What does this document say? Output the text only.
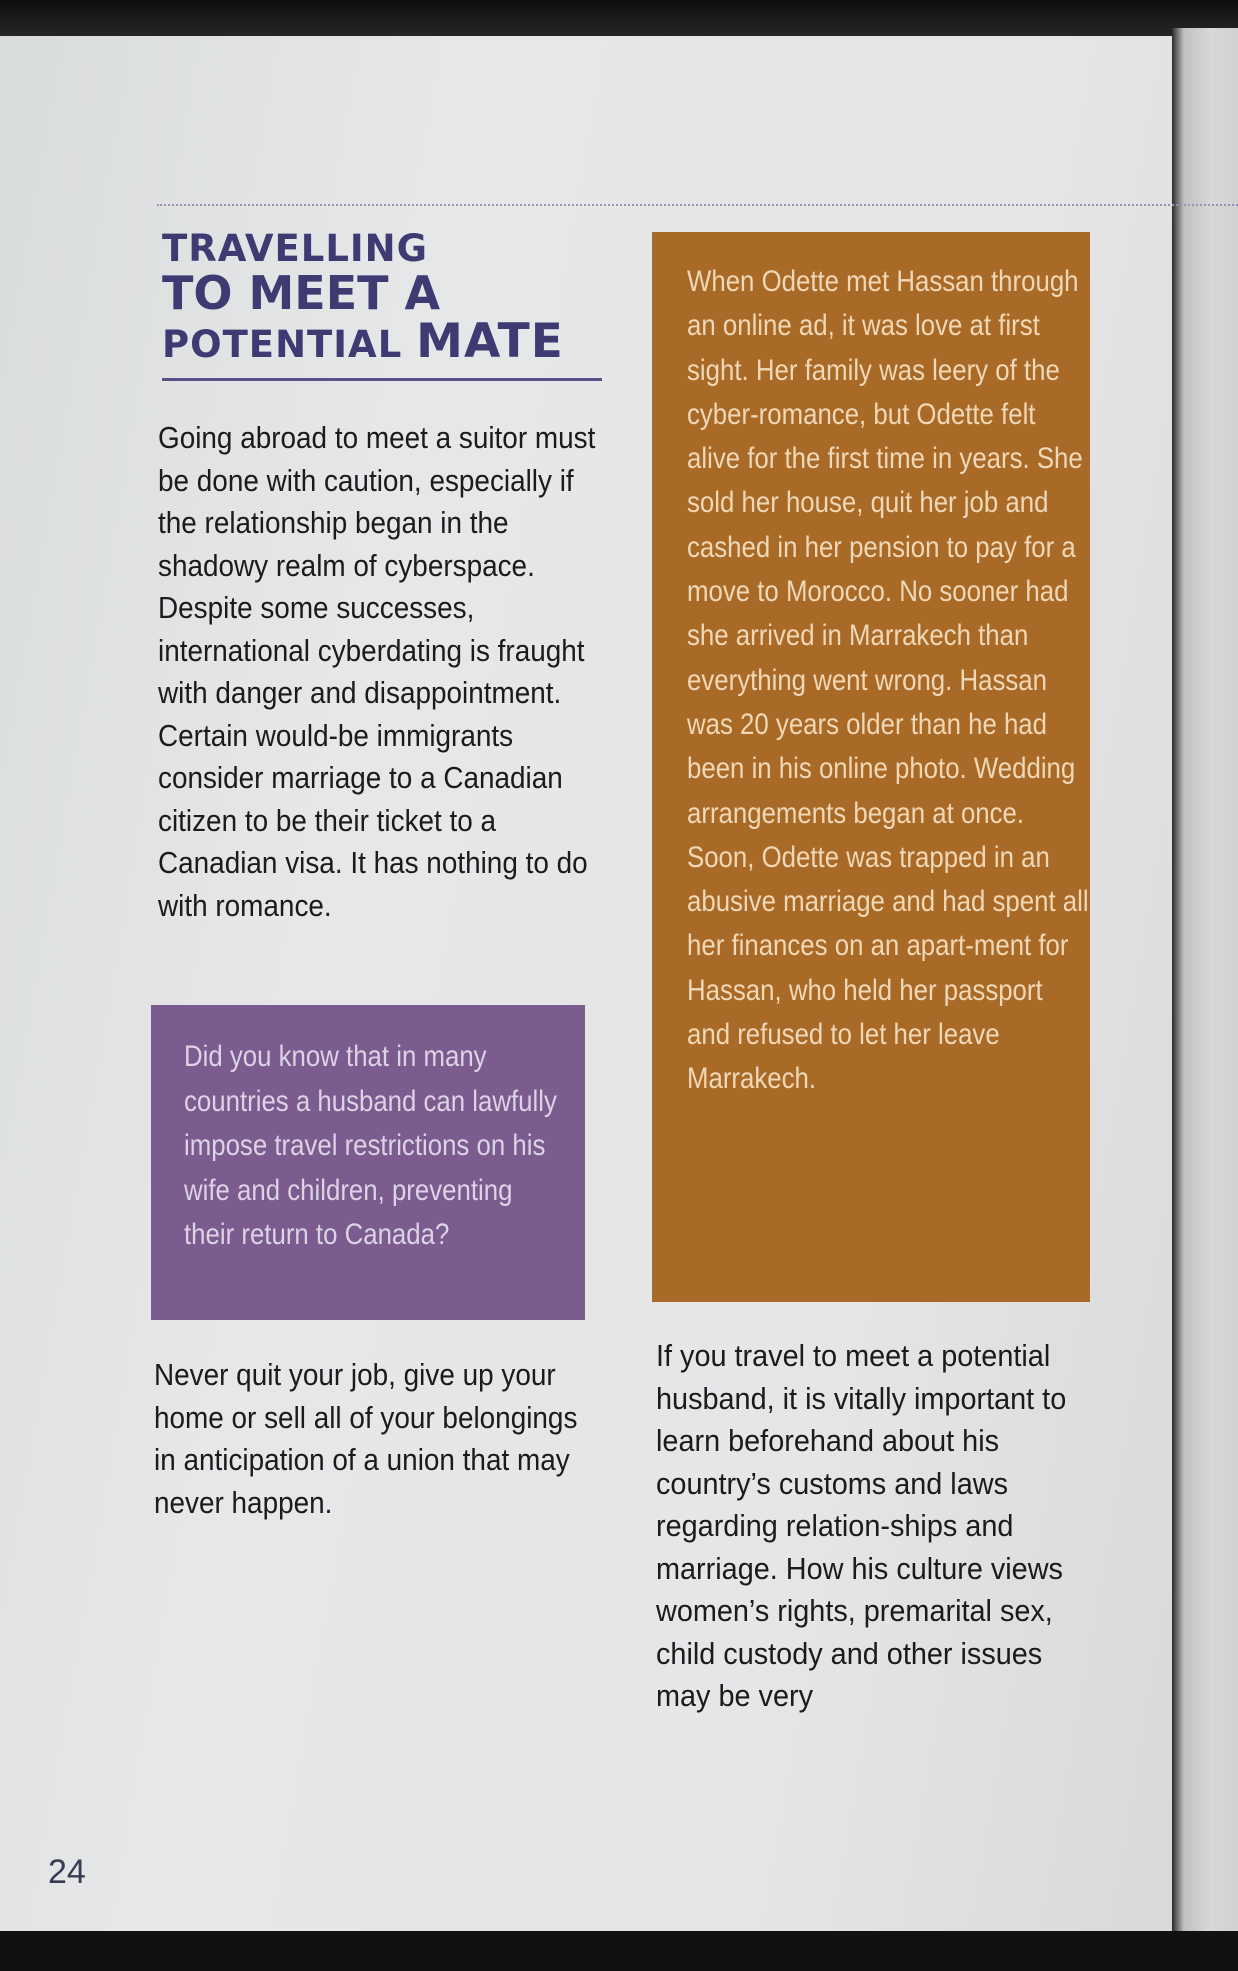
TRAVELLING
TO MEET A
POTENTIAL MATE

Going abroad to meet a suitor must be done with caution, especially if the relationship began in the shadowy realm of cyberspace. Despite some successes, international cyberdating is fraught with danger and disappointment. Certain would-be immigrants consider marriage to a Canadian citizen to be their ticket to a Canadian visa. It has nothing to do with romance.

Did you know that in many countries a husband can lawfully impose travel restrictions on his wife and children, preventing their return to Canada?

Never quit your job, give up your home or sell all of your belongings in anticipation of a union that may never happen.

When Odette met Hassan through an online ad, it was love at first sight. Her family was leery of the cyber-romance, but Odette felt alive for the first time in years. She sold her house, quit her job and cashed in her pension to pay for a move to Morocco. No sooner had she arrived in Marrakech than everything went wrong. Hassan was 20 years older than he had been in his online photo. Wedding arrangements began at once. Soon, Odette was trapped in an abusive marriage and had spent all her finances on an apart-ment for Hassan, who held her passport and refused to let her leave Marrakech.

If you travel to meet a potential husband, it is vitally important to learn beforehand about his country’s customs and laws regarding relation-ships and marriage. How his culture views women’s rights, premarital sex, child custody and other issues may be very

24
